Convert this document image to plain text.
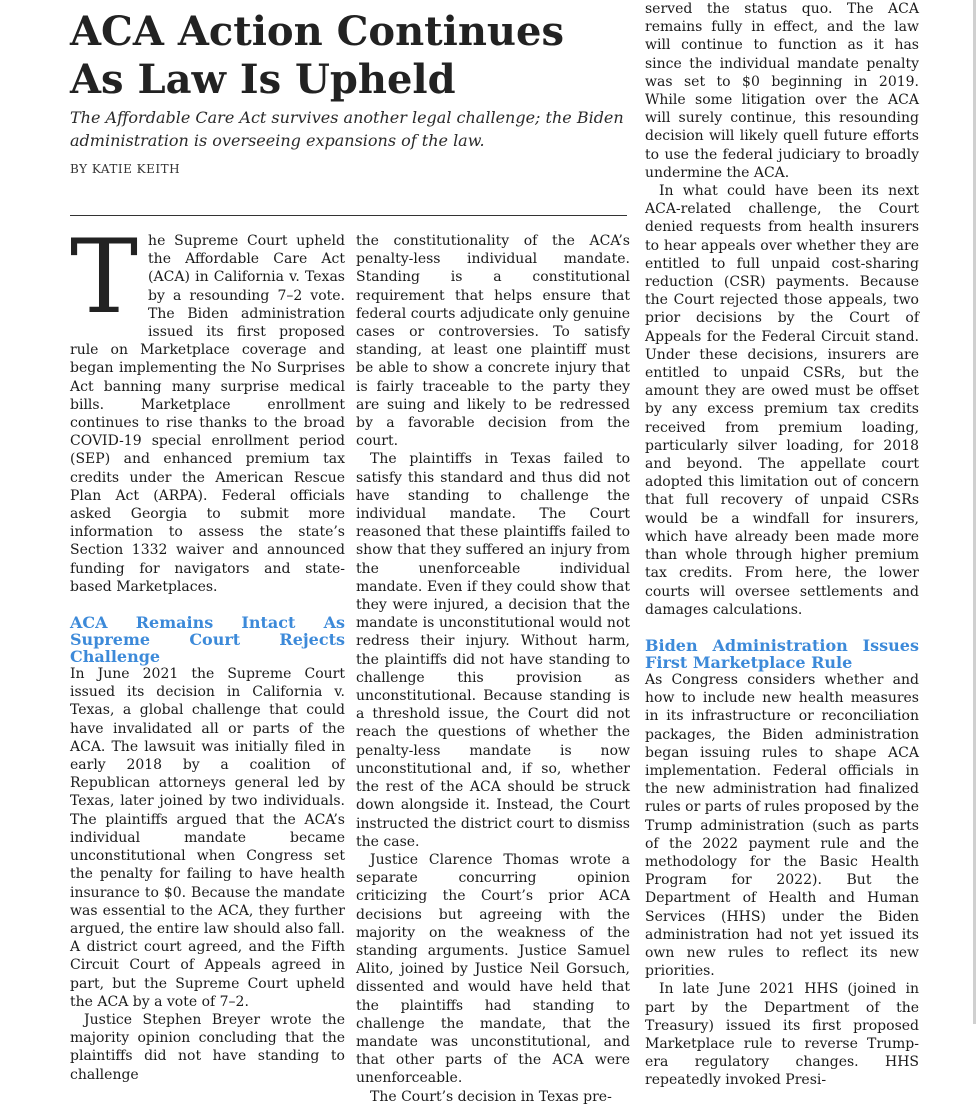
ACA Action Continues As Law Is Upheld

The Affordable Care Act survives another legal challenge; the Biden administration is overseeing expansions of the law.

BY KATIE KEITH

T he Supreme Court upheld the Affordable Care Act (ACA) in California v. Texas by a resounding 7–2 vote. The Biden administration issued its first proposed rule on Marketplace coverage and began implementing the No Surprises Act banning many surprise medical bills. Marketplace enrollment continues to rise thanks to the broad COVID-19 special enrollment period (SEP) and enhanced premium tax credits under the American Rescue Plan Act (ARPA). Federal officials asked Georgia to submit more information to assess the state’s Section 1332 waiver and announced funding for navigators and state-based Marketplaces.

ACA Remains Intact As Supreme Court Rejects Challenge

In June 2021 the Supreme Court issued its decision in California v. Texas, a global challenge that could have invalidated all or parts of the ACA. The lawsuit was initially filed in early 2018 by a coalition of Republican attorneys general led by Texas, later joined by two individuals. The plaintiffs argued that the ACA’s individual mandate became unconstitutional when Congress set the penalty for failing to have health insurance to $0. Because the mandate was essential to the ACA, they further argued, the entire law should also fall. A district court agreed, and the Fifth Circuit Court of Appeals agreed in part, but the Supreme Court upheld the ACA by a vote of 7–2.

Justice Stephen Breyer wrote the majority opinion concluding that the plaintiffs did not have standing to challenge

the constitutionality of the ACA’s penalty-less individual mandate. Standing is a constitutional requirement that helps ensure that federal courts adjudicate only genuine cases or controversies. To satisfy standing, at least one plaintiff must be able to show a concrete injury that is fairly traceable to the party they are suing and likely to be redressed by a favorable decision from the court.

The plaintiffs in Texas failed to satisfy this standard and thus did not have standing to challenge the individual mandate. The Court reasoned that these plaintiffs failed to show that they suffered an injury from the unenforceable individual mandate. Even if they could show that they were injured, a decision that the mandate is unconstitutional would not redress their injury. Without harm, the plaintiffs did not have standing to challenge this provision as unconstitutional. Because standing is a threshold issue, the Court did not reach the questions of whether the penalty-less mandate is now unconstitutional and, if so, whether the rest of the ACA should be struck down alongside it. Instead, the Court instructed the district court to dismiss the case.

Justice Clarence Thomas wrote a separate concurring opinion criticizing the Court’s prior ACA decisions but agreeing with the majority on the weakness of the standing arguments. Justice Samuel Alito, joined by Justice Neil Gorsuch, dissented and would have held that the plaintiffs had standing to challenge the mandate, that the mandate was unconstitutional, and that other parts of the ACA were unenforceable.

The Court’s decision in Texas pre-

served the status quo. The ACA remains fully in effect, and the law will continue to function as it has since the individual mandate penalty was set to $0 beginning in 2019. While some litigation over the ACA will surely continue, this resounding decision will likely quell future efforts to use the federal judiciary to broadly undermine the ACA.

In what could have been its next ACA-related challenge, the Court denied requests from health insurers to hear appeals over whether they are entitled to full unpaid cost-sharing reduction (CSR) payments. Because the Court rejected those appeals, two prior decisions by the Court of Appeals for the Federal Circuit stand. Under these decisions, insurers are entitled to unpaid CSRs, but the amount they are owed must be offset by any excess premium tax credits received from premium loading, particularly silver loading, for 2018 and beyond. The appellate court adopted this limitation out of concern that full recovery of unpaid CSRs would be a windfall for insurers, which have already been made more than whole through higher premium tax credits. From here, the lower courts will oversee settlements and damages calculations.

Biden Administration Issues First Marketplace Rule

As Congress considers whether and how to include new health measures in its infrastructure or reconciliation packages, the Biden administration began issuing rules to shape ACA implementation. Federal officials in the new administration had finalized rules or parts of rules proposed by the Trump administration (such as parts of the 2022 payment rule and the methodology for the Basic Health Program for 2022). But the Department of Health and Human Services (HHS) under the Biden administration had not yet issued its own new rules to reflect its new priorities.

In late June 2021 HHS (joined in part by the Department of the Treasury) issued its first proposed Marketplace rule to reverse Trump-era regulatory changes. HHS repeatedly invoked Presi-
